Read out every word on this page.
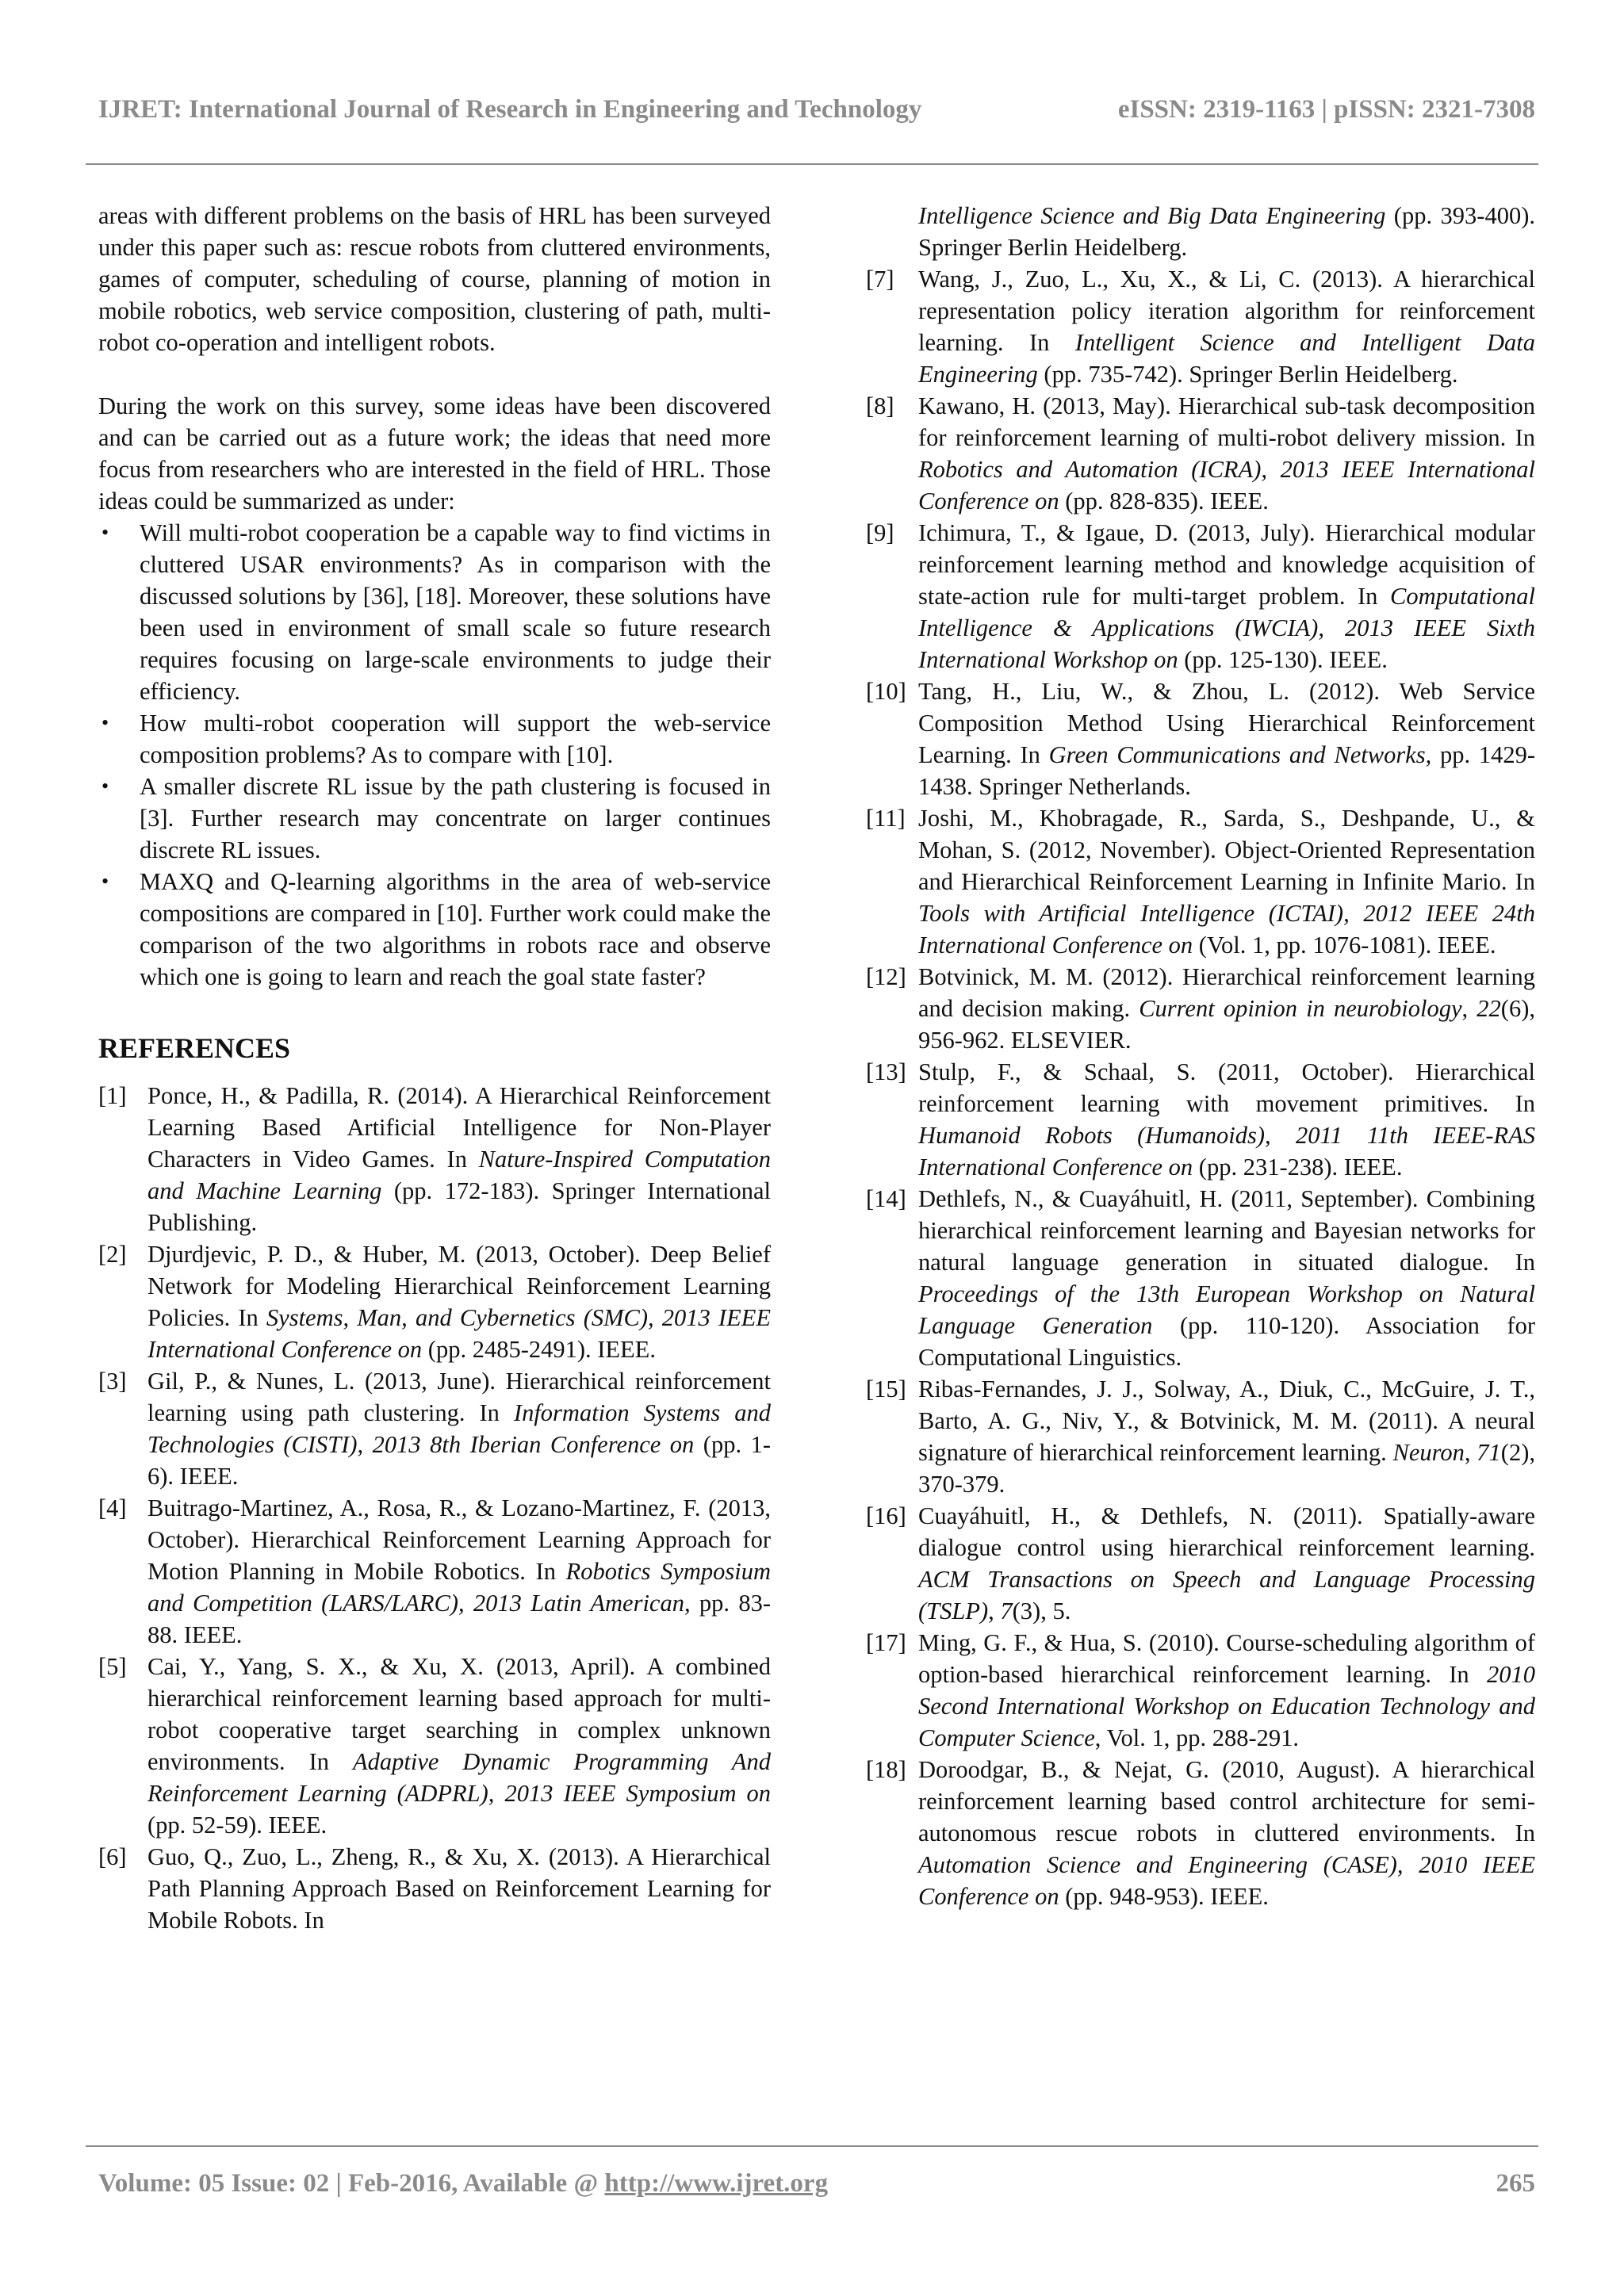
IJRET: International Journal of Research in Engineering and Technology	eISSN: 2319-1163 | pISSN: 2321-7308

areas with different problems on the basis of HRL has been surveyed under this paper such as: rescue robots from cluttered environments, games of computer, scheduling of course, planning of motion in mobile robotics, web service composition, clustering of path, multi-robot co-operation and intelligent robots.

During the work on this survey, some ideas have been discovered and can be carried out as a future work; the ideas that need more focus from researchers who are interested in the field of HRL. Those ideas could be summarized as under:

•	Will multi-robot cooperation be a capable way to find victims in cluttered USAR environments? As in comparison with the discussed solutions by [36], [18]. Moreover, these solutions have been used in environment of small scale so future research requires focusing on large-scale environments to judge their efficiency.
•	How multi-robot cooperation will support the web-service composition problems? As to compare with [10].
•	A smaller discrete RL issue by the path clustering is focused in [3]. Further research may concentrate on larger continues discrete RL issues.
•	MAXQ and Q-learning algorithms in the area of web-service compositions are compared in [10]. Further work could make the comparison of the two algorithms in robots race and observe which one is going to learn and reach the goal state faster?
REFERENCES
[1] Ponce, H., & Padilla, R. (2014). A Hierarchical Reinforcement Learning Based Artificial Intelligence for Non-Player Characters in Video Games. In Nature-Inspired Computation and Machine Learning (pp. 172-183). Springer International Publishing.
[2] Djurdjevic, P. D., & Huber, M. (2013, October). Deep Belief Network for Modeling Hierarchical Reinforcement Learning Policies. In Systems, Man, and Cybernetics (SMC), 2013 IEEE International Conference on (pp. 2485-2491). IEEE.
[3] Gil, P., & Nunes, L. (2013, June). Hierarchical reinforcement learning using path clustering. In Information Systems and Technologies (CISTI), 2013 8th Iberian Conference on (pp. 1-6). IEEE.
[4] Buitrago-Martinez, A., Rosa, R., & Lozano-Martinez, F. (2013, October). Hierarchical Reinforcement Learning Approach for Motion Planning in Mobile Robotics. In Robotics Symposium and Competition (LARS/LARC), 2013 Latin American, pp. 83-88. IEEE.
[5] Cai, Y., Yang, S. X., & Xu, X. (2013, April). A combined hierarchical reinforcement learning based approach for multi-robot cooperative target searching in complex unknown environments. In Adaptive Dynamic Programming And Reinforcement Learning (ADPRL), 2013 IEEE Symposium on (pp. 52-59). IEEE.
[6] Guo, Q., Zuo, L., Zheng, R., & Xu, X. (2013). A Hierarchical Path Planning Approach Based on Reinforcement Learning for Mobile Robots. In
Intelligence Science and Big Data Engineering (pp. 393-400). Springer Berlin Heidelberg.
[7] Wang, J., Zuo, L., Xu, X., & Li, C. (2013). A hierarchical representation policy iteration algorithm for reinforcement learning. In Intelligent Science and Intelligent Data Engineering (pp. 735-742). Springer Berlin Heidelberg.
[8] Kawano, H. (2013, May). Hierarchical sub-task decomposition for reinforcement learning of multi-robot delivery mission. In Robotics and Automation (ICRA), 2013 IEEE International Conference on (pp. 828-835). IEEE.
[9] Ichimura, T., & Igaue, D. (2013, July). Hierarchical modular reinforcement learning method and knowledge acquisition of state-action rule for multi-target problem. In Computational Intelligence & Applications (IWCIA), 2013 IEEE Sixth International Workshop on (pp. 125-130). IEEE.
[10] Tang, H., Liu, W., & Zhou, L. (2012). Web Service Composition Method Using Hierarchical Reinforcement Learning. In Green Communications and Networks, pp. 1429-1438. Springer Netherlands.
[11] Joshi, M., Khobragade, R., Sarda, S., Deshpande, U., & Mohan, S. (2012, November). Object-Oriented Representation and Hierarchical Reinforcement Learning in Infinite Mario. In Tools with Artificial Intelligence (ICTAI), 2012 IEEE 24th International Conference on (Vol. 1, pp. 1076-1081). IEEE.
[12] Botvinick, M. M. (2012). Hierarchical reinforcement learning and decision making. Current opinion in neurobiology, 22(6), 956-962. ELSEVIER.
[13] Stulp, F., & Schaal, S. (2011, October). Hierarchical reinforcement learning with movement primitives. In Humanoid Robots (Humanoids), 2011 11th IEEE-RAS International Conference on (pp. 231-238). IEEE.
[14] Dethlefs, N., & Cuayáhuitl, H. (2011, September). Combining hierarchical reinforcement learning and Bayesian networks for natural language generation in situated dialogue. In Proceedings of the 13th European Workshop on Natural Language Generation (pp. 110-120). Association for Computational Linguistics.
[15] Ribas-Fernandes, J. J., Solway, A., Diuk, C., McGuire, J. T., Barto, A. G., Niv, Y., & Botvinick, M. M. (2011). A neural signature of hierarchical reinforcement learning. Neuron, 71(2), 370-379.
[16] Cuayáhuitl, H., & Dethlefs, N. (2011). Spatially-aware dialogue control using hierarchical reinforcement learning. ACM Transactions on Speech and Language Processing (TSLP), 7(3), 5.
[17] Ming, G. F., & Hua, S. (2010). Course-scheduling algorithm of option-based hierarchical reinforcement learning. In 2010 Second International Workshop on Education Technology and Computer Science, Vol. 1, pp. 288-291.
[18] Doroodgar, B., & Nejat, G. (2010, August). A hierarchical reinforcement learning based control architecture for semi-autonomous rescue robots in cluttered environments. In Automation Science and Engineering (CASE), 2010 IEEE Conference on (pp. 948-953). IEEE.
Volume: 05 Issue: 02 | Feb-2016, Available @ http://www.ijret.org	265
